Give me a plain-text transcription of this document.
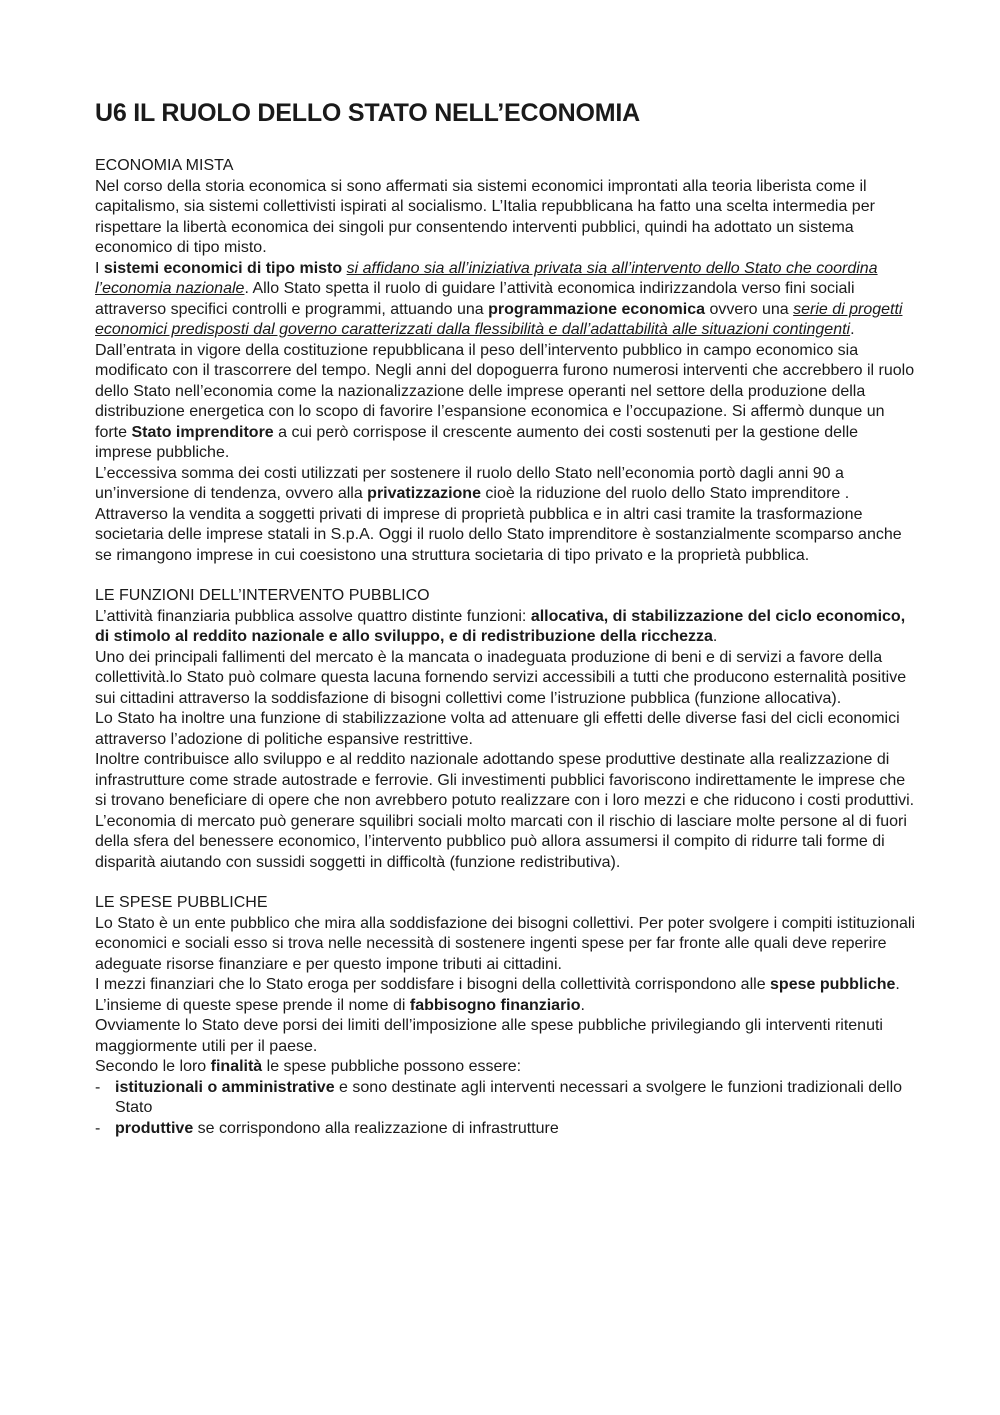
U6 IL RUOLO DELLO STATO NELL’ECONOMIA
ECONOMIA MISTA

Nel corso della storia economica si sono affermati sia sistemi economici improntati alla teoria liberista come il capitalismo, sia sistemi collettivisti ispirati al socialismo. L’Italia repubblicana ha fatto una scelta intermedia per rispettare la libertà economica dei singoli pur consentendo interventi pubblici, quindi ha adottato un sistema economico di tipo misto.

I sistemi economici di tipo misto si affidano sia all’iniziativa privata sia all’intervento dello Stato che coordina l’economia nazionale. Allo Stato spetta il ruolo di guidare l’attività economica indirizzandola verso fini sociali attraverso specifici controlli e programmi, attuando una programmazione economica ovvero una serie di progetti economici predisposti dal governo caratterizzati dalla flessibilità e dall’adattabilità alle situazioni contingenti.

Dall’entrata in vigore della costituzione repubblicana il peso dell’intervento pubblico in campo economico sia modificato con il trascorrere del tempo. Negli anni del dopoguerra furono numerosi interventi che accrebbero il ruolo dello Stato nell’economia come la nazionalizzazione delle imprese operanti nel settore della produzione della distribuzione energetica con lo scopo di favorire l’espansione economica e l’occupazione. Si affermò dunque un forte Stato imprenditore a cui però corrispose il crescente aumento dei costi sostenuti per la gestione delle imprese pubbliche.

L’eccessiva somma dei costi utilizzati per sostenere il ruolo dello Stato nell’economia portò dagli anni 90 a un’inversione di tendenza, ovvero alla privatizzazione cioè la riduzione del ruolo dello Stato imprenditore . Attraverso la vendita a soggetti privati di imprese di proprietà pubblica e in altri casi tramite la trasformazione societaria delle imprese statali in S.p.A. Oggi il ruolo dello Stato imprenditore è sostanzialmente scomparso anche se rimangono imprese in cui coesistono una struttura societaria di tipo privato e la proprietà pubblica.

LE FUNZIONI DELL’INTERVENTO PUBBLICO

L’attività finanziaria pubblica assolve quattro distinte funzioni: allocativa, di stabilizzazione del ciclo economico, di stimolo al reddito nazionale e allo sviluppo, e di redistribuzione della ricchezza.

Uno dei principali fallimenti del mercato è la mancata o inadeguata produzione di beni e di servizi a favore della collettività.lo Stato può colmare questa lacuna fornendo servizi accessibili a tutti che producono esternalità positive sui cittadini attraverso la soddisfazione di bisogni collettivi come l’istruzione pubblica (funzione allocativa).

Lo Stato ha inoltre una funzione di stabilizzazione volta ad attenuare gli effetti delle diverse fasi del cicli economici attraverso l’adozione di politiche espansive restrittive.

Inoltre contribuisce allo sviluppo e al reddito nazionale adottando spese produttive destinate alla realizzazione di infrastrutture come strade autostrade e ferrovie. Gli investimenti pubblici favoriscono indirettamente le imprese che si trovano beneficiare di opere che non avrebbero potuto realizzare con i loro mezzi e che riducono i costi produttivi.

L’economia di mercato può generare squilibri sociali molto marcati con il rischio di lasciare molte persone al di fuori della sfera del benessere economico, l’intervento pubblico può allora assumersi il compito di ridurre tali forme di disparità aiutando con sussidi soggetti in difficoltà (funzione redistributiva).

LE SPESE PUBBLICHE

Lo Stato è un ente pubblico che mira alla soddisfazione dei bisogni collettivi. Per poter svolgere i compiti istituzionali economici e sociali esso si trova nelle necessità di sostenere ingenti spese per far fronte alle quali deve reperire adeguate risorse finanziare e per questo impone tributi ai cittadini.

I mezzi finanziari che lo Stato eroga per soddisfare i bisogni della collettività corrispondono alle spese pubbliche. L’insieme di queste spese prende il nome di fabbisogno finanziario.

Ovviamente lo Stato deve porsi dei limiti dell’imposizione alle spese pubbliche privilegiando gli interventi ritenuti maggiormente utili per il paese.

Secondo le loro finalità le spese pubbliche possono essere:

- istituzionali o amministrative e sono destinate agli interventi necessari a svolgere le funzioni tradizionali dello Stato
- produttive se corrispondono alla realizzazione di infrastrutture
